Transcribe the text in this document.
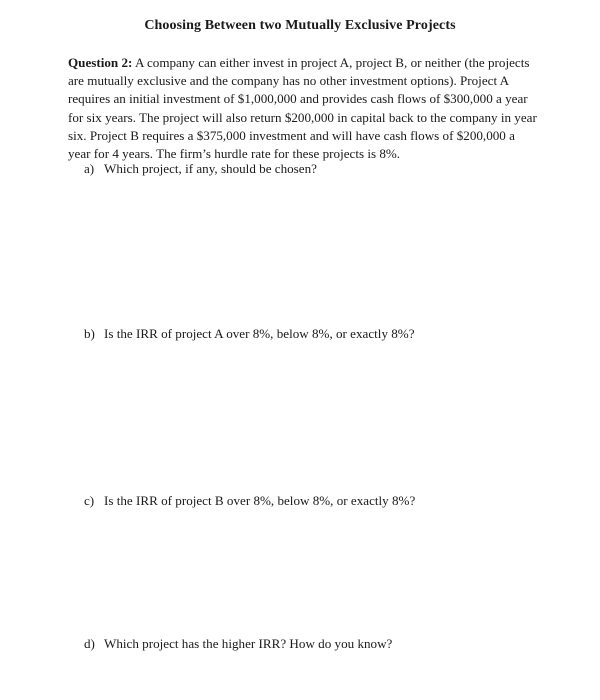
Choosing Between two Mutually Exclusive Projects
Question 2: A company can either invest in project A, project B, or neither (the projects are mutually exclusive and the company has no other investment options). Project A requires an initial investment of $1,000,000 and provides cash flows of $300,000 a year for six years. The project will also return $200,000 in capital back to the company in year six. Project B requires a $375,000 investment and will have cash flows of $200,000 a year for 4 years. The firm’s hurdle rate for these projects is 8%.
a) Which project, if any, should be chosen?
b) Is the IRR of project A over 8%, below 8%, or exactly 8%?
c) Is the IRR of project B over 8%, below 8%, or exactly 8%?
d) Which project has the higher IRR? How do you know?
